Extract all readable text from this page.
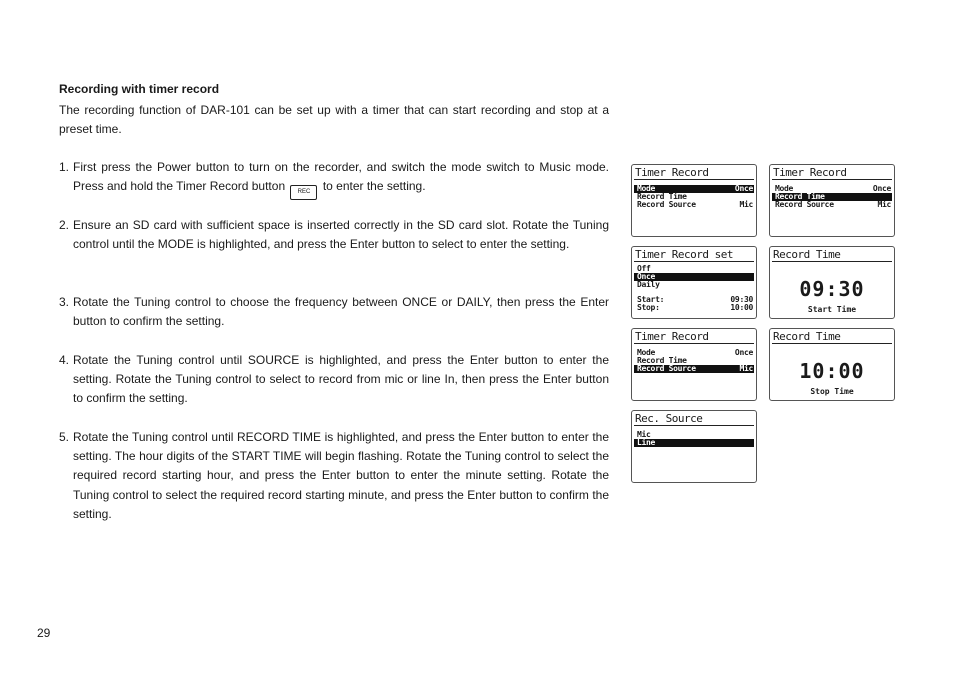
Recording with timer record
The recording function of DAR-101 can be set up with a timer that can start recording and stop at a preset time.
1. First press the Power button to turn on the recorder, and switch the mode switch to Music mode. Press and hold the Timer Record button REC to enter the setting.
2. Ensure an SD card with sufficient space is inserted correctly in the SD card slot. Rotate the Tuning control until the MODE is highlighted, and press the Enter button to select to enter the setting.
3. Rotate the Tuning control to choose the frequency between ONCE or DAILY, then press the Enter button to confirm the setting.
4. Rotate the Tuning control until SOURCE is highlighted, and press the Enter button to enter the setting. Rotate the Tuning control to select to record from mic or line In, then press the Enter button to confirm the setting.
5. Rotate the Tuning control until RECORD TIME is highlighted, and press the Enter button to enter the setting. The hour digits of the START TIME will begin flashing. Rotate the Tuning control to select the required record starting hour, and press the Enter button to enter the minute setting. Rotate the Tuning control to select the required record starting minute, and press the Enter button to confirm the setting.
29
Timer Record
Mode	Once
Record Time
Record Source	Mic
Timer Record
Mode	Once
Record Time
Record Source	Mic
Timer Record set
Off
Once
Daily
Start:	09:30
Stop:	10:00
Record Time
09:30
Start Time
Timer Record
Mode	Once
Record Time
Record Source	Mic
Record Time
10:00
Stop Time
Rec. Source
Mic
Line
